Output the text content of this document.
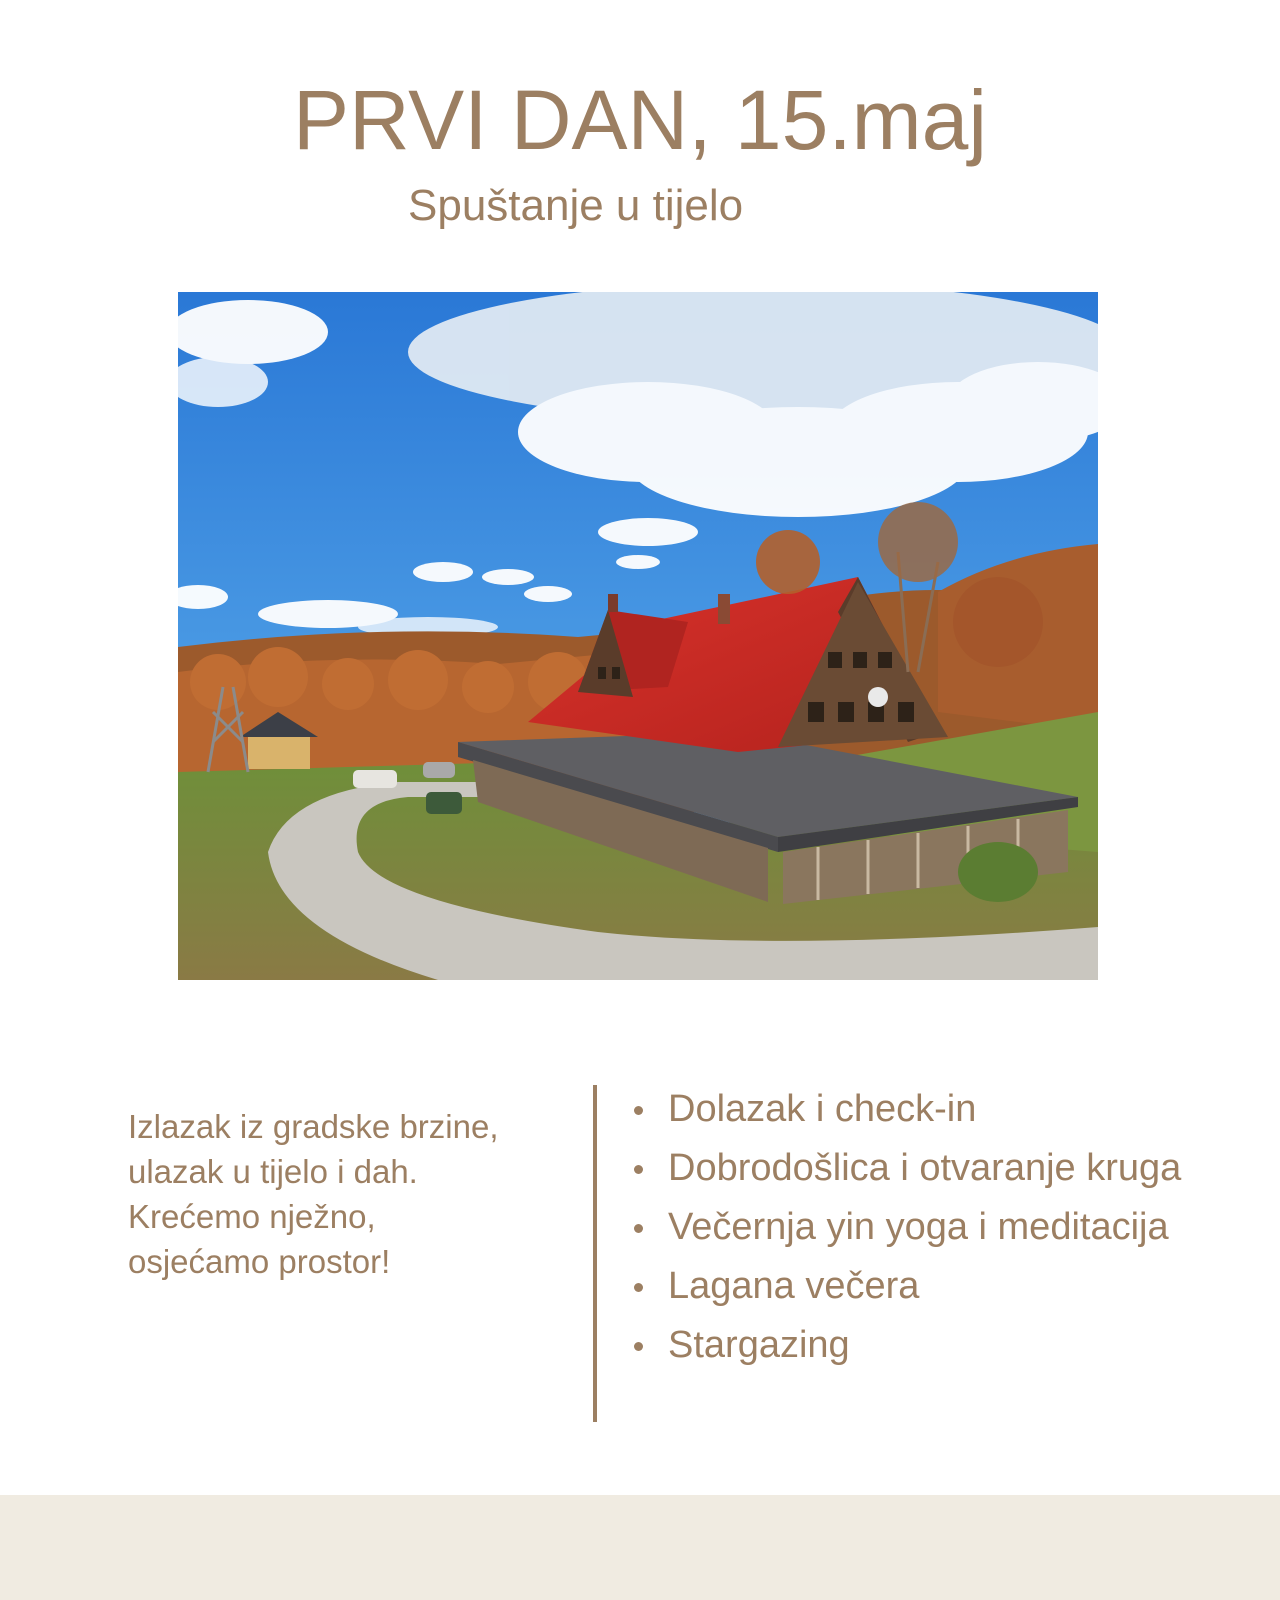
PRVI DAN, 15.maj
Spuštanje u tijelo

Izlazak iz gradske brzine,
ulazak u tijelo i dah.
Krećemo nježno,
osjećamo prostor!

Dolazak i check-in
Dobrodošlica i otvaranje kruga
Večernja yin yoga i meditacija
Lagana večera
Stargazing
